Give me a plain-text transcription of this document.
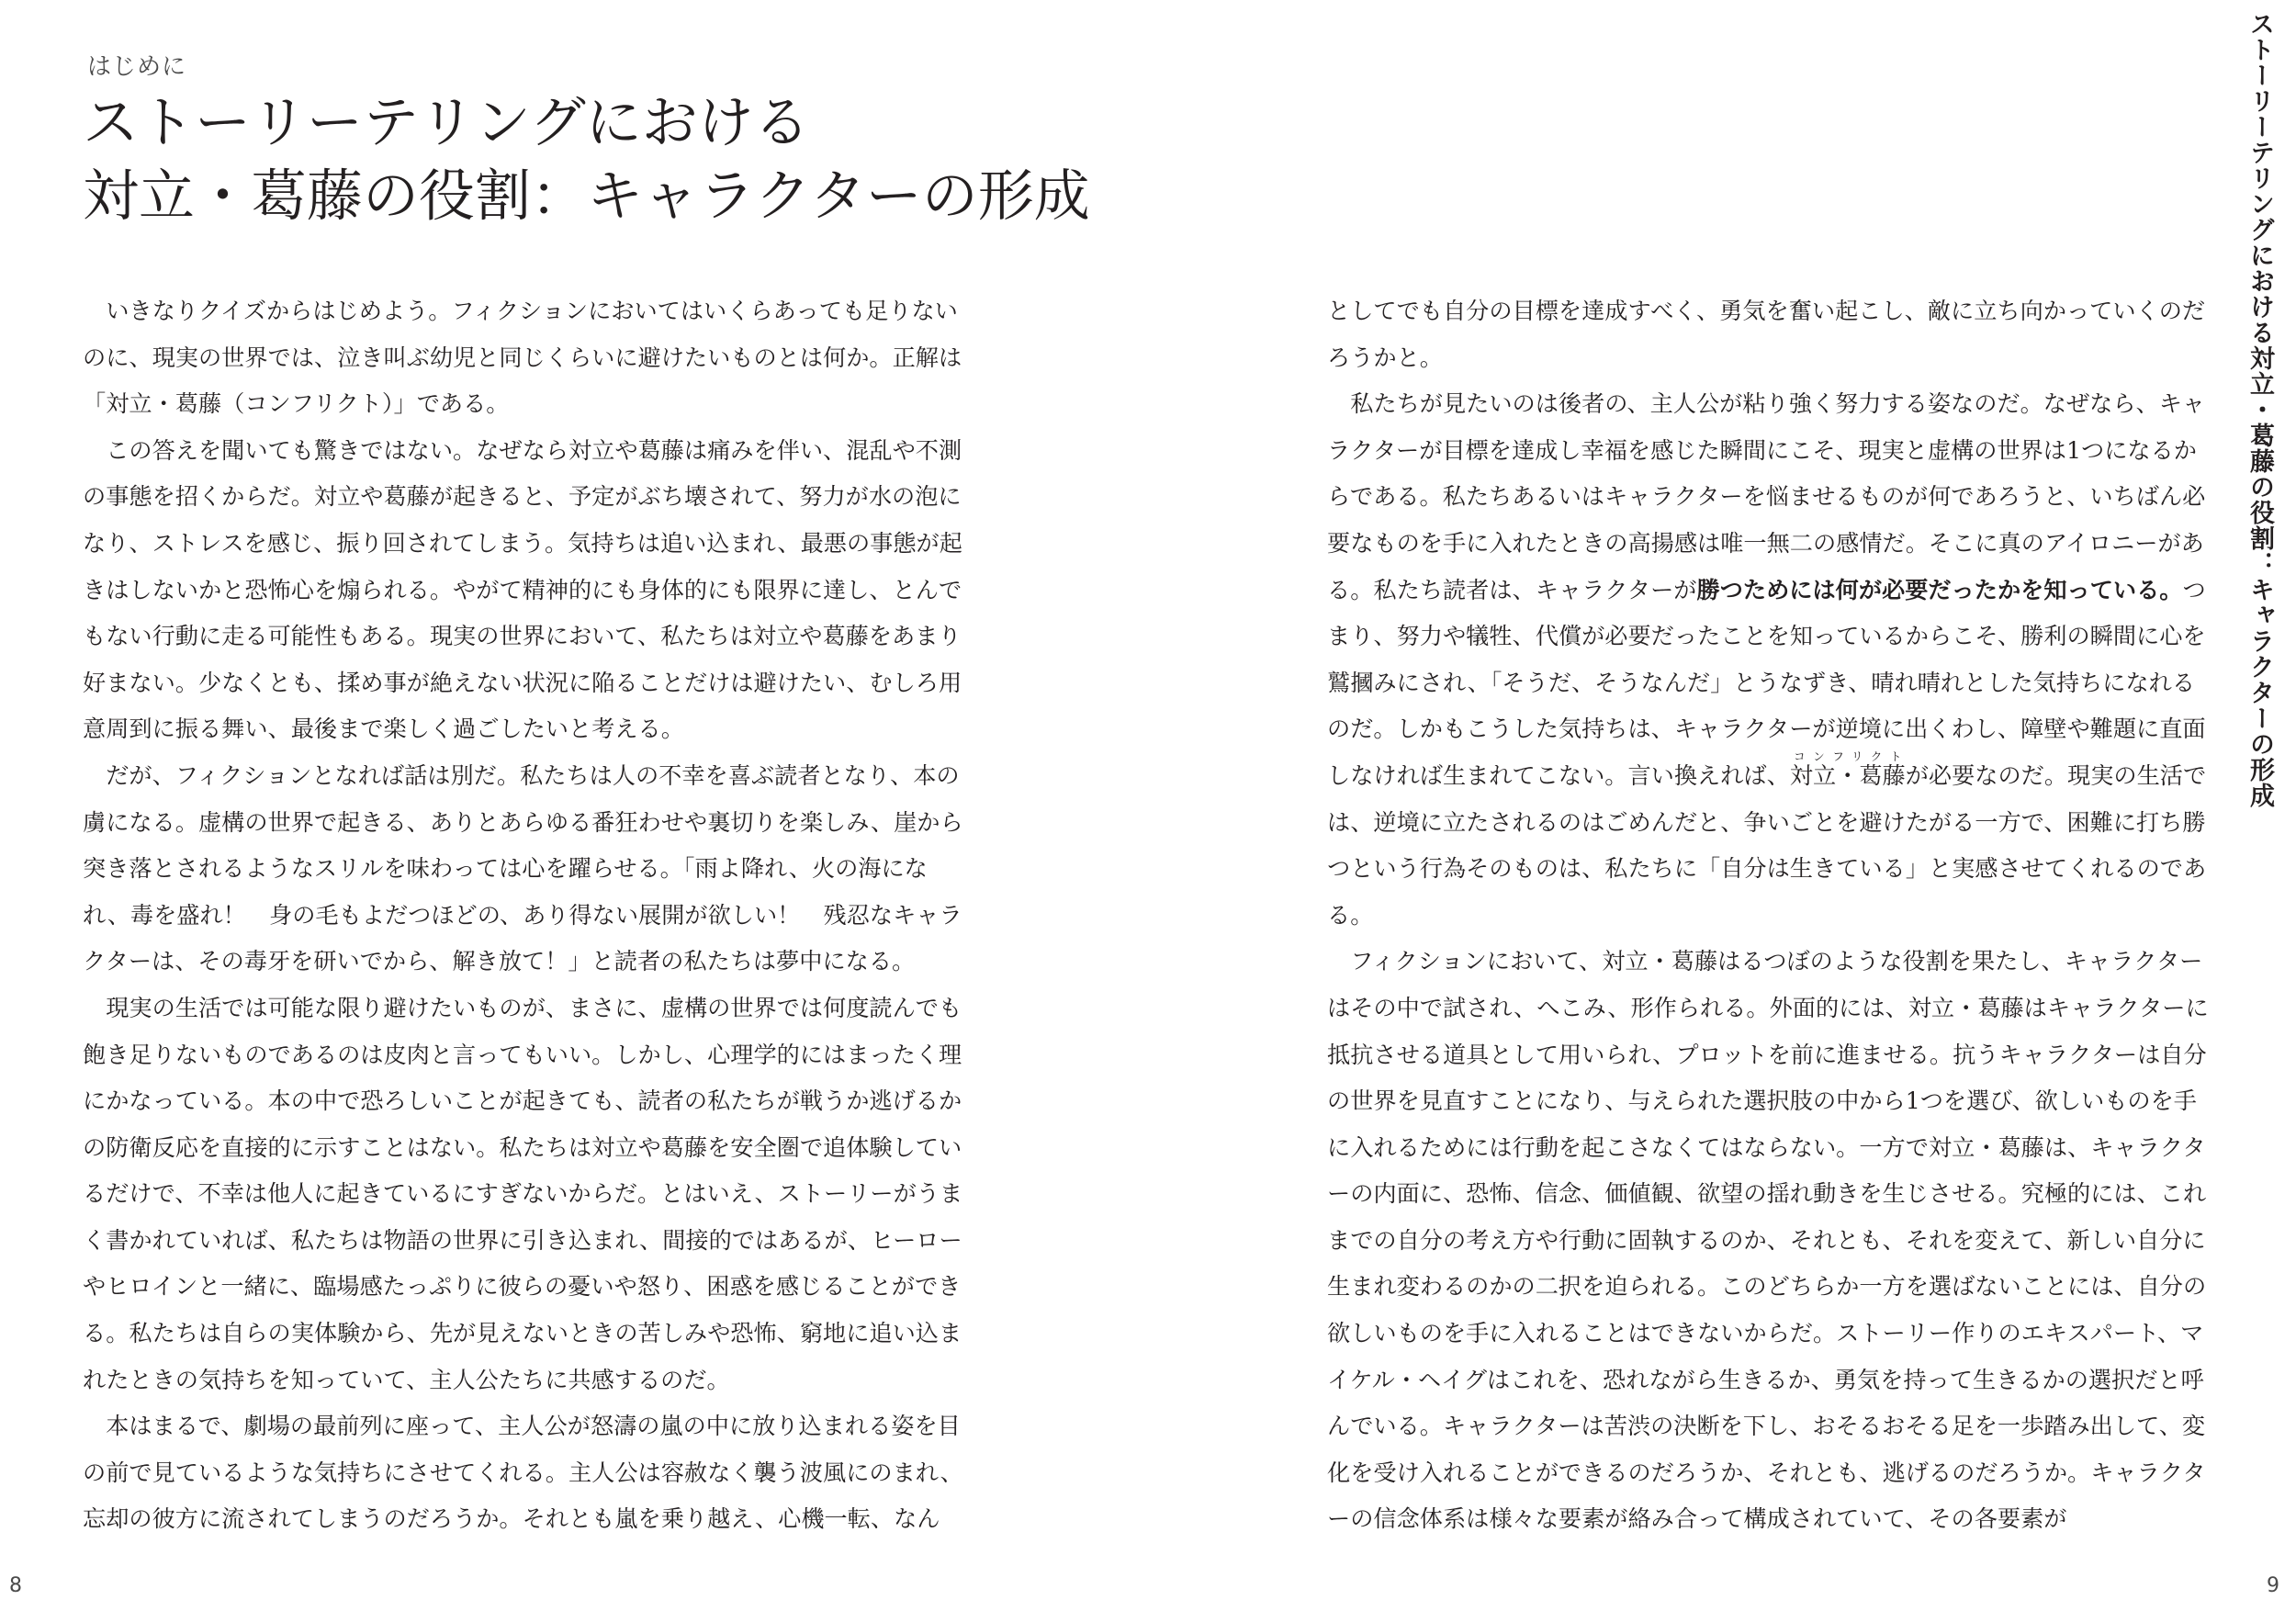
はじめに
ストーリーテリングにおける
対立・葛藤の役割：キャラクターの形成

いきなりクイズからはじめよう。フィクションにおいてはいくらあっても足りないのに、現実の世界では、泣き叫ぶ幼児と同じくらいに避けたいものとは何か。正解は「対立・葛藤（コンフリクト）」である。

この答えを聞いても驚きではない。なぜなら対立や葛藤は痛みを伴い、混乱や不測の事態を招くからだ。対立や葛藤が起きると、予定がぶち壊されて、努力が水の泡になり、ストレスを感じ、振り回されてしまう。気持ちは追い込まれ、最悪の事態が起きはしないかと恐怖心を煽られる。やがて精神的にも身体的にも限界に達し、とんでもない行動に走る可能性もある。現実の世界において、私たちは対立や葛藤をあまり好まない。少なくとも、揉め事が絶えない状況に陥ることだけは避けたい、むしろ用意周到に振る舞い、最後まで楽しく過ごしたいと考える。

だが、フィクションとなれば話は別だ。私たちは人の不幸を喜ぶ読者となり、本の虜になる。虚構の世界で起きる、ありとあらゆる番狂わせや裏切りを楽しみ、崖から突き落とされるようなスリルを味わっては心を躍らせる。「雨よ降れ、火の海になれ、毒を盛れ！　身の毛もよだつほどの、あり得ない展開が欲しい！　残忍なキャラクターは、その毒牙を研いでから、解き放て！」と読者の私たちは夢中になる。

現実の生活では可能な限り避けたいものが、まさに、虚構の世界では何度読んでも飽き足りないものであるのは皮肉と言ってもいい。しかし、心理学的にはまったく理にかなっている。本の中で恐ろしいことが起きても、読者の私たちが戦うか逃げるかの防衛反応を直接的に示すことはない。私たちは対立や葛藤を安全圏で追体験しているだけで、不幸は他人に起きているにすぎないからだ。とはいえ、ストーリーがうまく書かれていれば、私たちは物語の世界に引き込まれ、間接的ではあるが、ヒーローやヒロインと一緒に、臨場感たっぷりに彼らの憂いや怒り、困惑を感じることができる。私たちは自らの実体験から、先が見えないときの苦しみや恐怖、窮地に追い込まれたときの気持ちを知っていて、主人公たちに共感するのだ。

本はまるで、劇場の最前列に座って、主人公が怒濤の嵐の中に放り込まれる姿を目の前で見ているような気持ちにさせてくれる。主人公は容赦なく襲う波風にのまれ、忘却の彼方に流されてしまうのだろうか。それとも嵐を乗り越え、心機一転、なん

8

としてでも自分の目標を達成すべく、勇気を奮い起こし、敵に立ち向かっていくのだろうかと。

私たちが見たいのは後者の、主人公が粘り強く努力する姿なのだ。なぜなら、キャラクターが目標を達成し幸福を感じた瞬間にこそ、現実と虚構の世界は1つになるからである。私たちあるいはキャラクターを悩ませるものが何であろうと、いちばん必要なものを手に入れたときの高揚感は唯一無二の感情だ。そこに真のアイロニーがある。私たち読者は、キャラクターが勝つためには何が必要だったかを知っている。つまり、努力や犠牲、代償が必要だったことを知っているからこそ、勝利の瞬間に心を鷲摑みにされ、「そうだ、そうなんだ」とうなずき、晴れ晴れとした気持ちになれるのだ。しかもこうした気持ちは、キャラクターが逆境に出くわし、障壁や難題に直面しなければ生まれてこない。言い換えれば、対立・葛藤コンフリクトが必要なのだ。現実の生活では、逆境に立たされるのはごめんだと、争いごとを避けたがる一方で、困難に打ち勝つという行為そのものは、私たちに「自分は生きている」と実感させてくれるのである。

フィクションにおいて、対立・葛藤はるつぼのような役割を果たし、キャラクターはその中で試され、へこみ、形作られる。外面的には、対立・葛藤はキャラクターに抵抗させる道具として用いられ、プロットを前に進ませる。抗うキャラクターは自分の世界を見直すことになり、与えられた選択肢の中から1つを選び、欲しいものを手に入れるためには行動を起こさなくてはならない。一方で対立・葛藤は、キャラクターの内面に、恐怖、信念、価値観、欲望の揺れ動きを生じさせる。究極的には、これまでの自分の考え方や行動に固執するのか、それとも、それを変えて、新しい自分に生まれ変わるのかの二択を迫られる。このどちらか一方を選ばないことには、自分の欲しいものを手に入れることはできないからだ。ストーリー作りのエキスパート、マイケル・ヘイグはこれを、恐れながら生きるか、勇気を持って生きるかの選択だと呼んでいる。キャラクターは苦渋の決断を下し、おそるおそる足を一歩踏み出して、変化を受け入れることができるのだろうか、それとも、逃げるのだろうか。キャラクターの信念体系は様々な要素が絡み合って構成されていて、その各要素が

ストーリーテリングにおける対立・葛藤の役割：キャラクターの形成
9
